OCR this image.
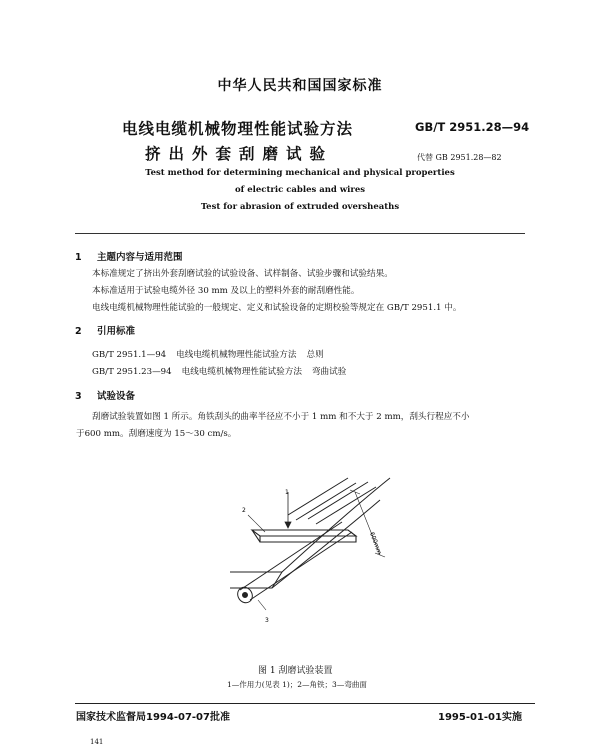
中华人民共和国国家标准
电线电缆机械物理性能试验方法
挤出外套刮磨试验
GB/T 2951.28—94
代替 GB 2951.28—82
Test method for determining mechanical and physical properties
of electric cables and wires
Test for abrasion of extruded oversheaths
1 主题内容与适用范围
本标准规定了挤出外套刮磨试验的试验设备、试样制备、试验步骤和试验结果。
本标准适用于试验电缆外径 30 mm 及以上的塑料外套的耐刮磨性能。
电线电缆机械物理性能试验的一般规定、定义和试验设备的定期校验等规定在 GB/T 2951.1 中。
2 引用标准
GB/T 2951.1—94 电线电缆机械物理性能试验方法 总则
GB/T 2951.23—94 电线电缆机械物理性能试验方法 弯曲试验
3 试验设备
刮磨试验装置如图 1 所示。角铁刮头的曲率半径应不小于 1 mm 和不大于 2 mm，刮头行程应不小
于600 mm。刮磨速度为 15～30 cm/s。
600mm
1
2
3
图 1 刮磨试验装置
1—作用力(见表 1)；2—角铁；3—弯曲面
国家技术监督局1994-07-07批准	1995-01-01实施
141
